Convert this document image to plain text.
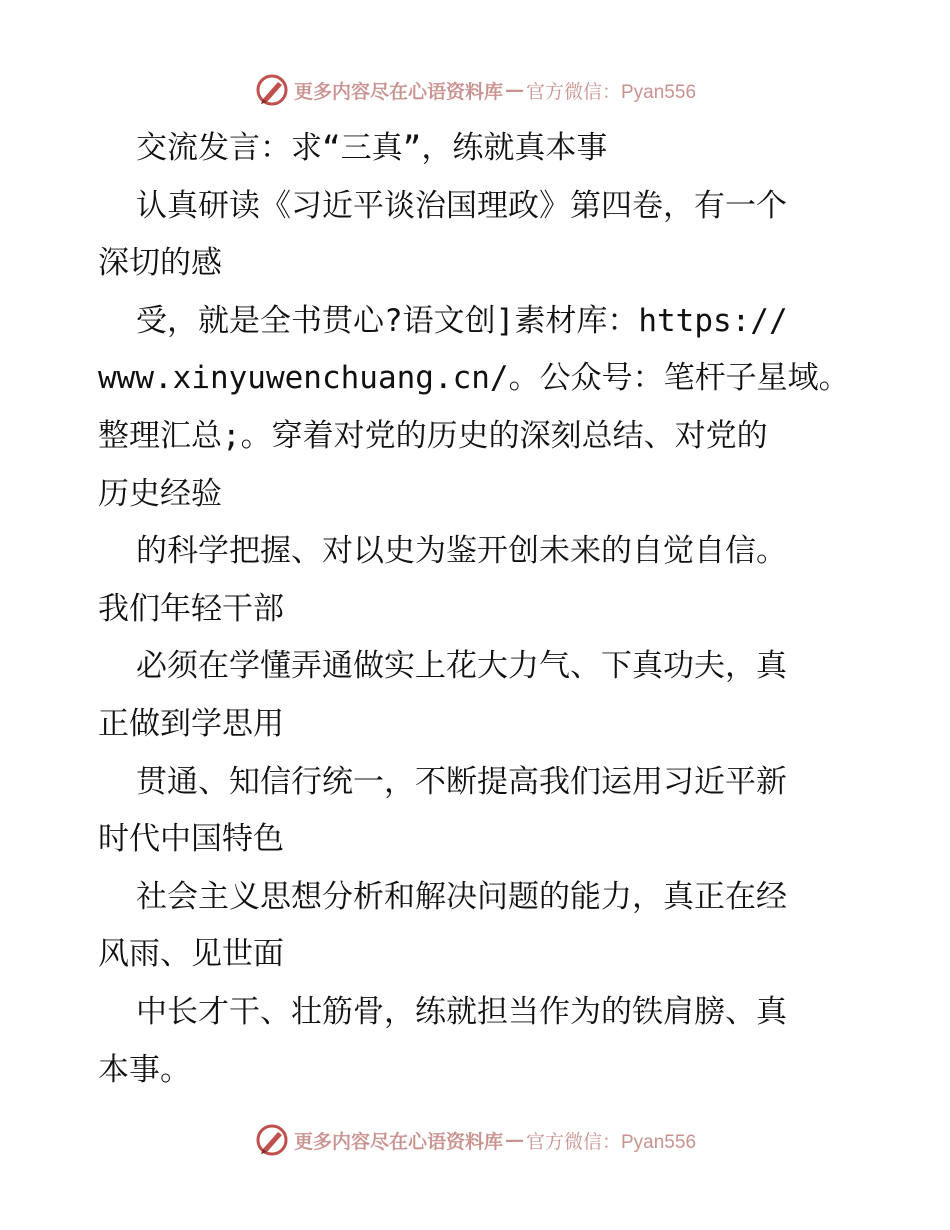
更多内容尽在心语资料库 — 官方微信：Pyan556
交流发言：求“三真”，练就真本事
认真研读《习近平谈治国理政》第四卷，有一个
深切的感
受，就是全书贯心?语文创]素材库：https://
www.xinyuwenchuang.cn/。公众号：笔杆子星域。
整理汇总;。穿着对党的历史的深刻总结、对党的
历史经验
的科学把握、对以史为鉴开创未来的自觉自信。
我们年轻干部
必须在学懂弄通做实上花大力气、下真功夫，真
正做到学思用
贯通、知信行统一，不断提高我们运用习近平新
时代中国特色
社会主义思想分析和解决问题的能力，真正在经
风雨、见世面
中长才干、壮筋骨，练就担当作为的铁肩膀、真
本事。
更多内容尽在心语资料库 — 官方微信：Pyan556
